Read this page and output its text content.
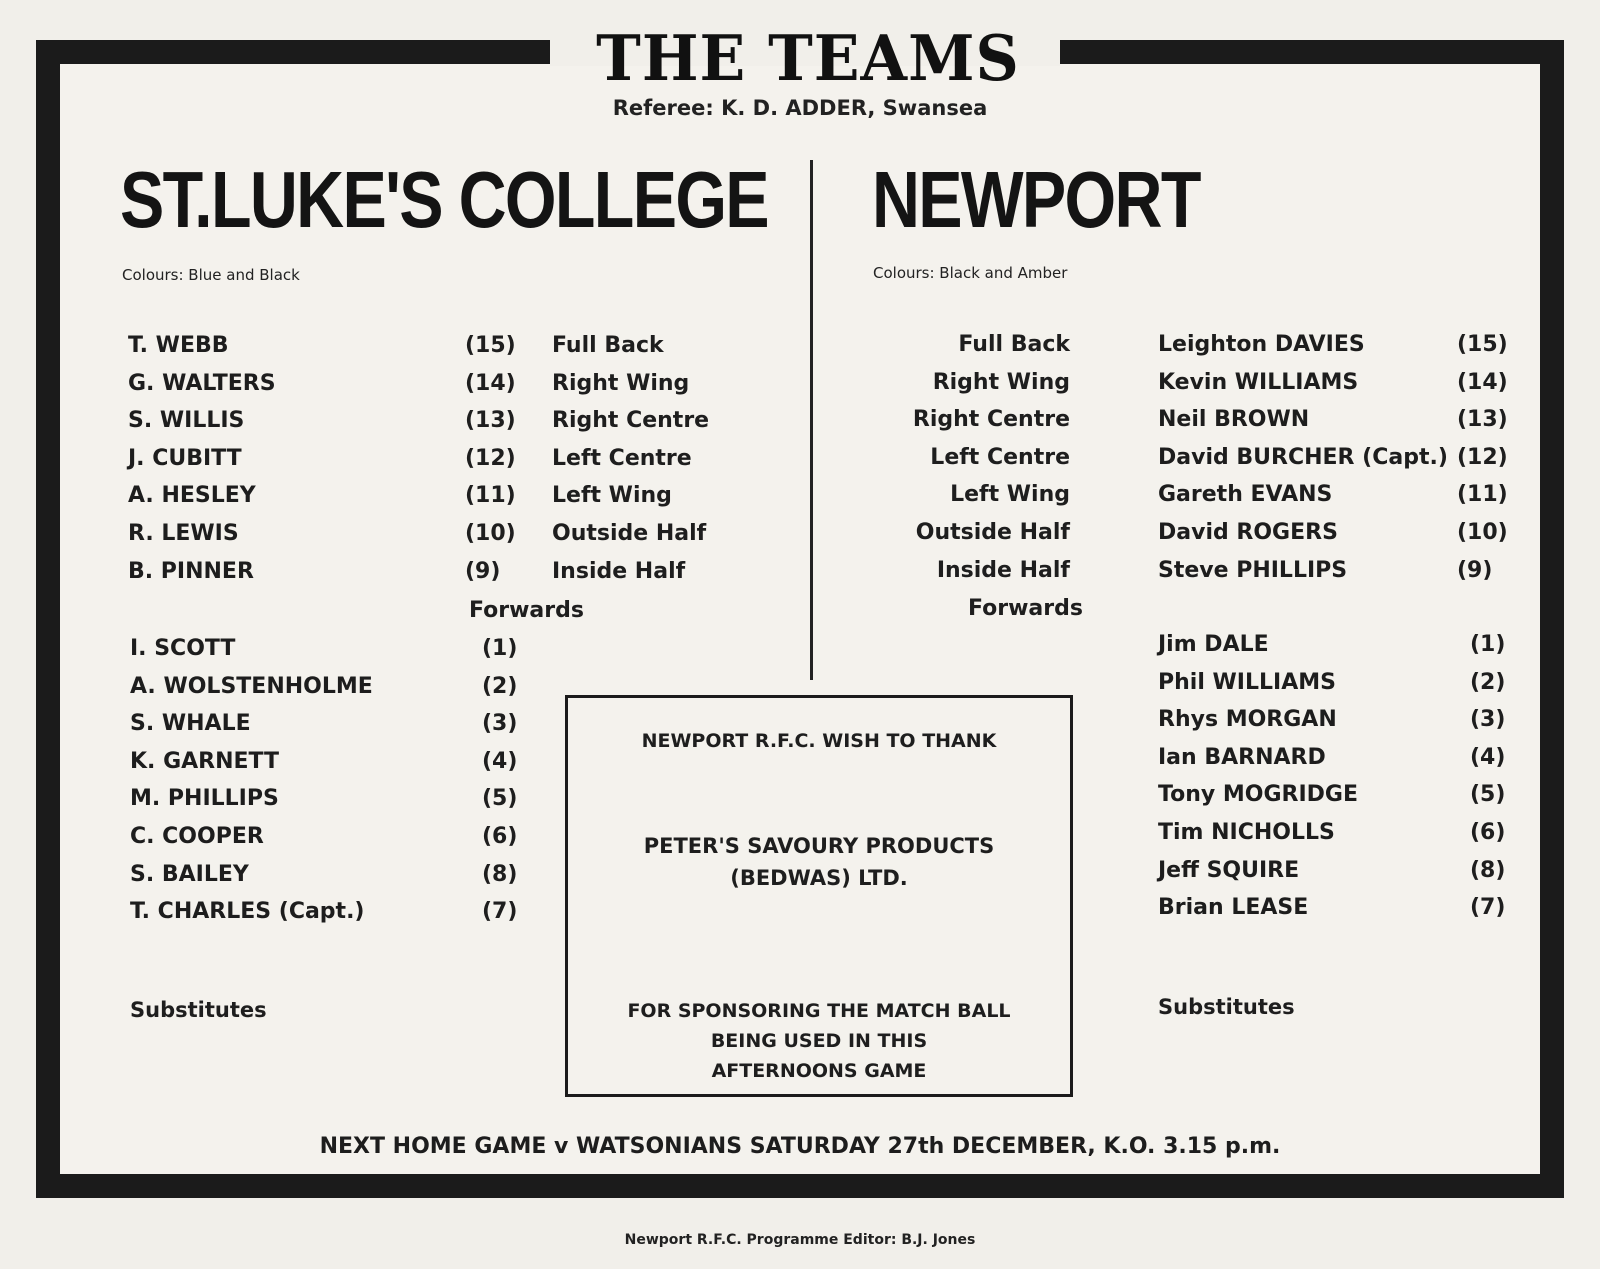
THE TEAMS
Referee: K. D. ADDER, Swansea
ST.LUKE'S COLLEGE
Colours: Blue and Black
NEWPORT
Colours: Black and Amber
T. WEBB	(15) Full Back
G. WALTERS	(14) Right Wing
S. WILLIS	(13) Right Centre
J. CUBITT	(12) Left Centre
A. HESLEY	(11) Left Wing
R. LEWIS	(10) Outside Half
B. PINNER	(9) Inside Half
Forwards
I. SCOTT	(1)
A. WOLSTENHOLME	(2)
S. WHALE	(3)
K. GARNETT	(4)
M. PHILLIPS	(5)
C. COOPER	(6)
S. BAILEY	(8)
T. CHARLES (Capt.)	(7)
Full Back	Leighton DAVIES	(15)
Right Wing	Kevin WILLIAMS	(14)
Right Centre	Neil BROWN	(13)
Left Centre	David BURCHER (Capt.) (12)
Left Wing	Gareth EVANS	(11)
Outside Half	David ROGERS	(10)
Inside Half	Steve PHILLIPS	(9)
Forwards
Jim DALE	(1)
Phil WILLIAMS	(2)
Rhys MORGAN	(3)
Ian BARNARD	(4)
Tony MOGRIDGE	(5)
Tim NICHOLLS	(6)
Jeff SQUIRE	(8)
Brian LEASE	(7)
Substitutes	Substitutes
NEWPORT R.F.C. WISH TO THANK
PETER'S SAVOURY PRODUCTS
(BEDWAS) LTD.
FOR SPONSORING THE MATCH BALL
BEING USED IN THIS
AFTERNOONS GAME
NEXT HOME GAME v WATSONIANS SATURDAY 27th DECEMBER, K.O. 3.15 p.m.
Newport R.F.C. Programme Editor: B.J. Jones
